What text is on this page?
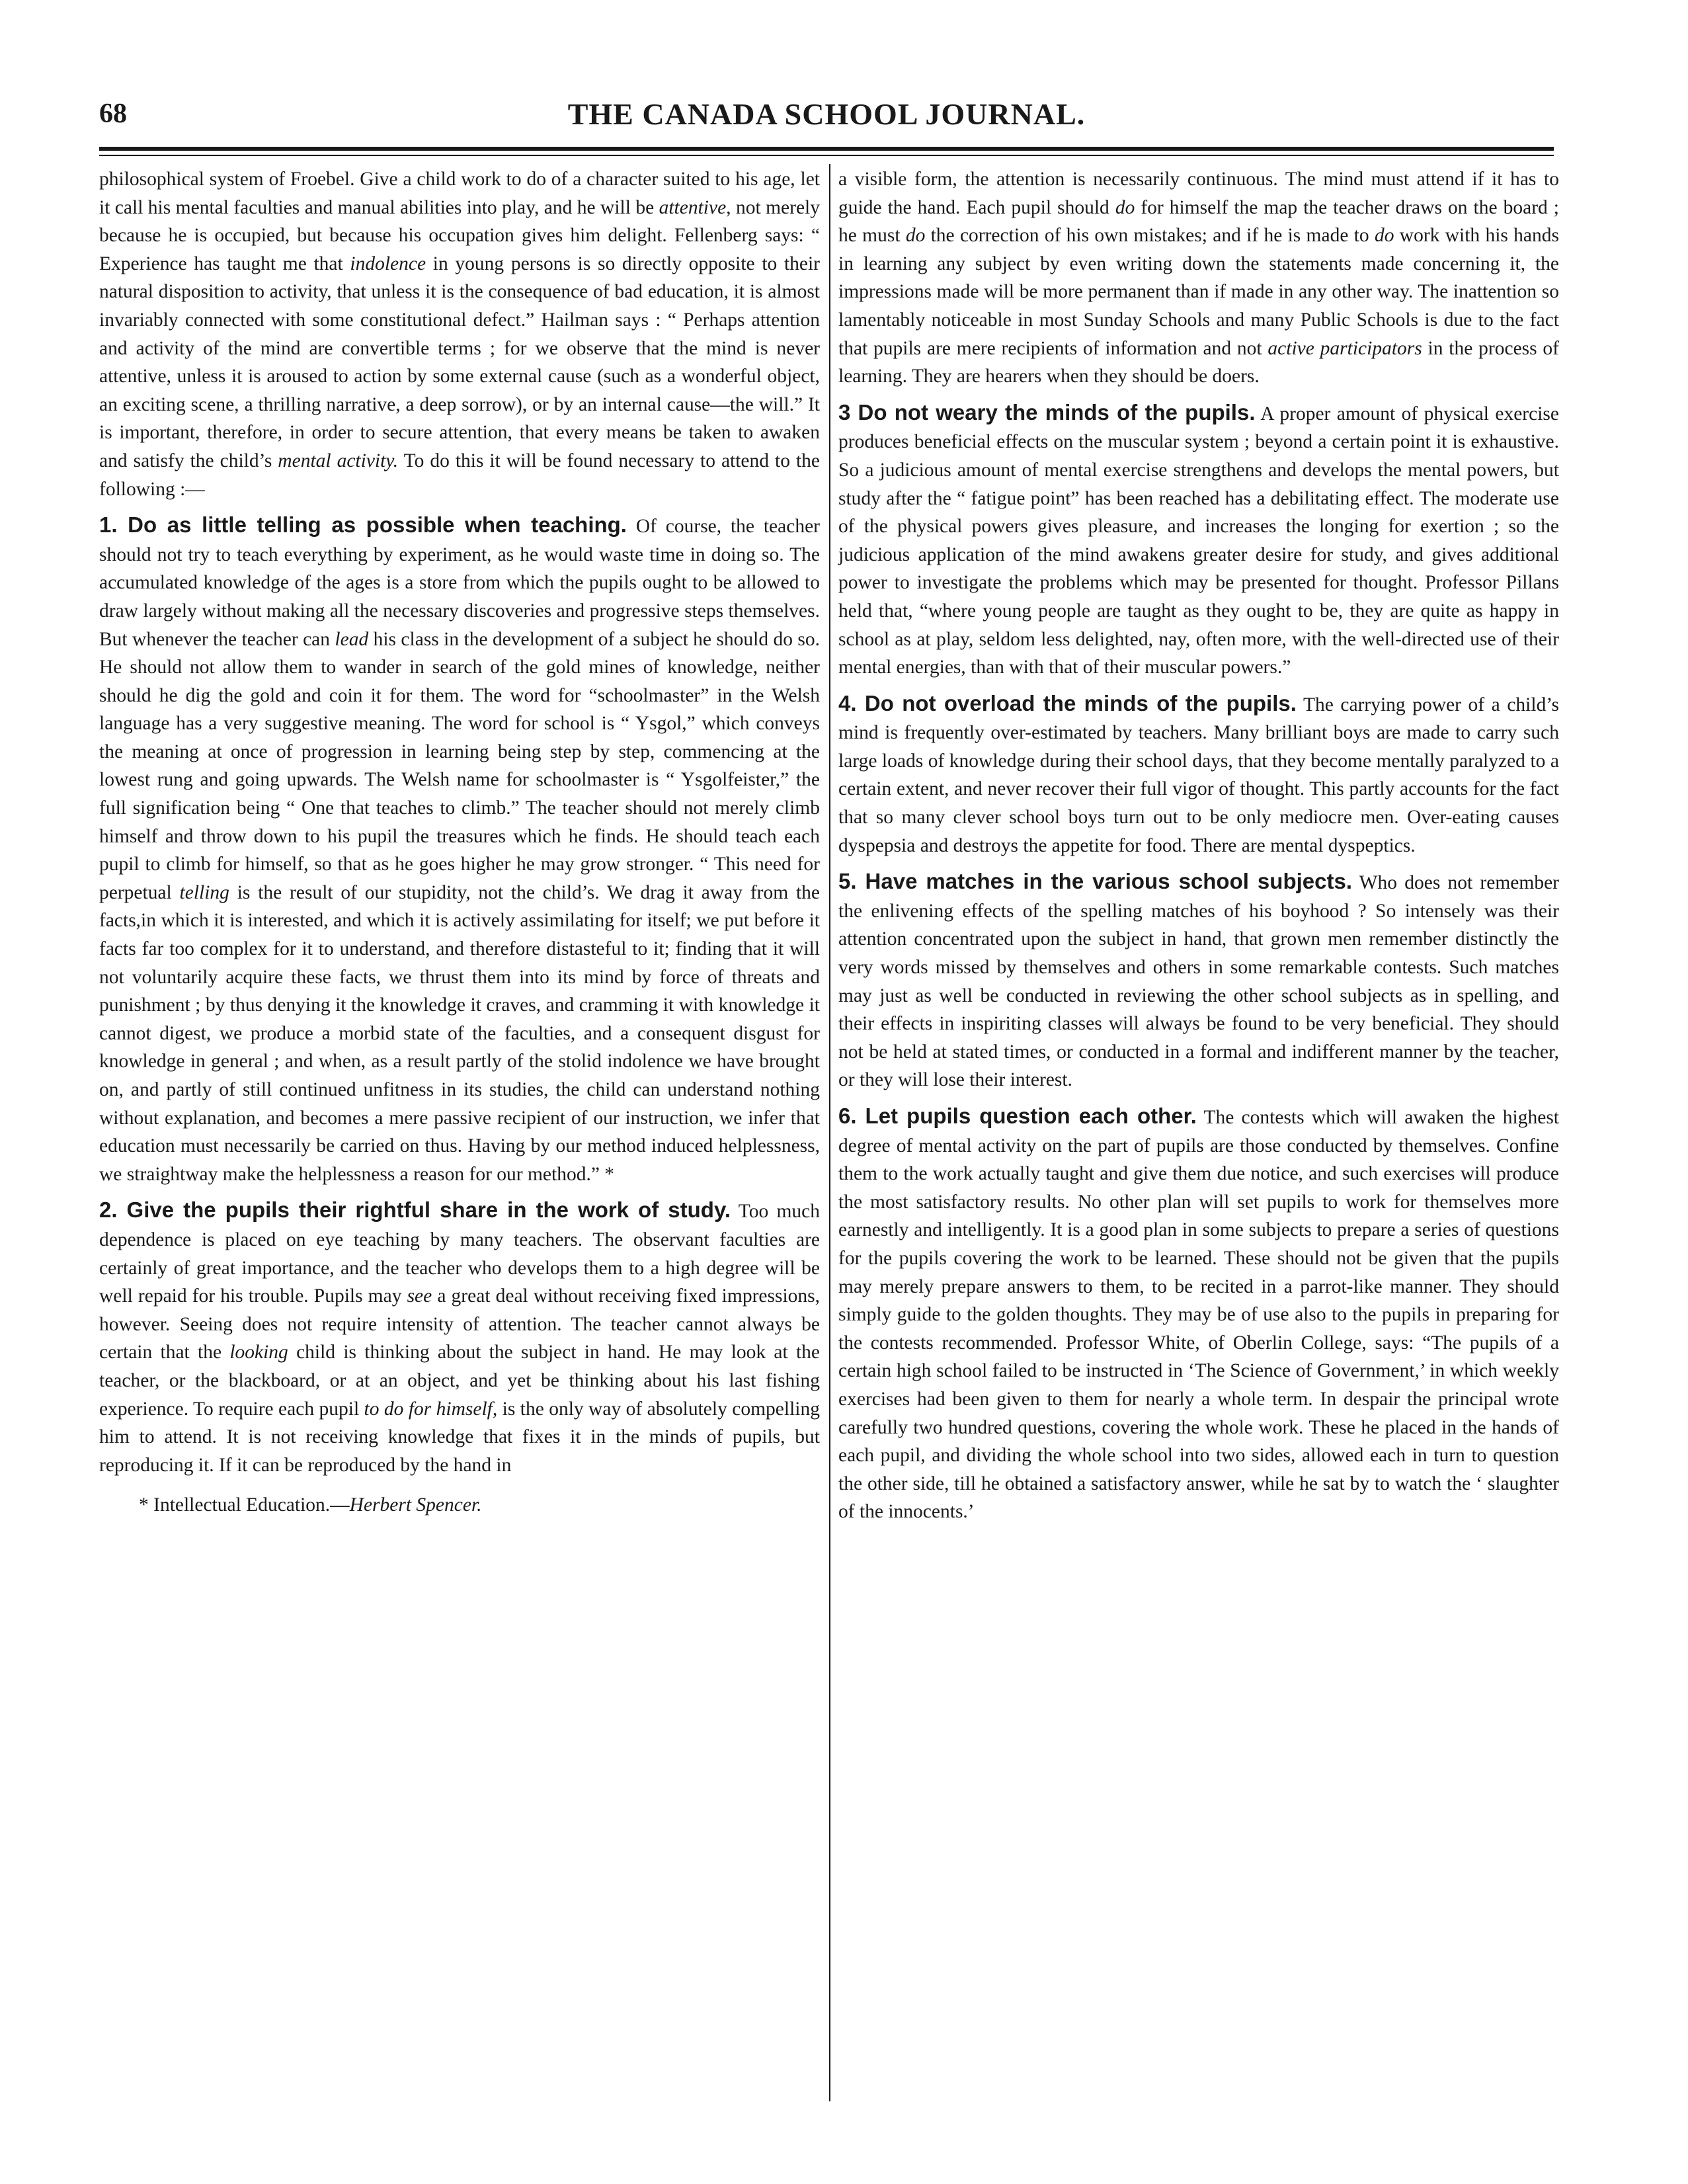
68	THE CANADA SCHOOL JOURNAL.

philosophical system of Froebel. Give a child work to do of a character suited to his age, let it call his mental faculties and manual abilities into play, and he will be attentive, not merely because he is occupied, but because his occupation gives him delight. Fellenberg says: “ Experience has taught me that indolence in young persons is so directly opposite to their natural disposition to activity, that unless it is the consequence of bad education, it is almost invariably connected with some constitutional defect.” Hailman says : “ Perhaps attention and activity of the mind are convertible terms ; for we observe that the mind is never attentive, unless it is aroused to action by some external cause (such as a wonderful object, an exciting scene, a thrilling narrative, a deep sorrow), or by an internal cause—the will.” It is important, therefore, in order to secure attention, that every means be taken to awaken and satisfy the child’s mental activity. To do this it will be found necessary to attend to the following :—

1. Do as little telling as possible when teaching. Of course, the teacher should not try to teach everything by experiment, as he would waste time in doing so. The accumulated knowledge of the ages is a store from which the pupils ought to be allowed to draw largely without making all the necessary discoveries and progressive steps themselves. But whenever the teacher can lead his class in the development of a subject he should do so. He should not allow them to wander in search of the gold mines of knowledge, neither should he dig the gold and coin it for them. The word for “schoolmaster” in the Welsh language has a very suggestive meaning. The word for school is “ Ysgol,” which conveys the meaning at once of progression in learning being step by step, commencing at the lowest rung and going upwards. The Welsh name for schoolmaster is “ Ysgolfeister,” the full signification being “ One that teaches to climb.” The teacher should not merely climb himself and throw down to his pupil the treasures which he finds. He should teach each pupil to climb for himself, so that as he goes higher he may grow stronger. “ This need for perpetual telling is the result of our stupidity, not the child’s. We drag it away from the facts,in which it is interested, and which it is actively assimilating for itself; we put before it facts far too complex for it to understand, and therefore distasteful to it; finding that it will not voluntarily acquire these facts, we thrust them into its mind by force of threats and punishment ; by thus denying it the knowledge it craves, and cramming it with knowledge it cannot digest, we produce a morbid state of the faculties, and a consequent disgust for knowledge in general ; and when, as a result partly of the stolid indolence we have brought on, and partly of still continued unfitness in its studies, the child can understand nothing without explanation, and becomes a mere passive recipient of our instruction, we infer that education must necessarily be carried on thus. Having by our method induced helplessness, we straightway make the helplessness a reason for our method.” *

2. Give the pupils their rightful share in the work of study. Too much dependence is placed on eye teaching by many teachers. The observant faculties are certainly of great importance, and the teacher who develops them to a high degree will be well repaid for his trouble. Pupils may see a great deal without receiving fixed impressions, however. Seeing does not require intensity of attention. The teacher cannot always be certain that the looking child is thinking about the subject in hand. He may look at the teacher, or the blackboard, or at an object, and yet be thinking about his last fishing experience. To require each pupil to do for himself, is the only way of absolutely compelling him to attend. It is not receiving knowledge that fixes it in the minds of pupils, but reproducing it. If it can be reproduced by the hand in

* Intellectual Education.—Herbert Spencer.

a visible form, the attention is necessarily continuous. The mind must attend if it has to guide the hand. Each pupil should do for himself the map the teacher draws on the board ; he must do the correction of his own mistakes; and if he is made to do work with his hands in learning any subject by even writing down the statements made concerning it, the impressions made will be more permanent than if made in any other way. The inattention so lamentably noticeable in most Sunday Schools and many Public Schools is due to the fact that pupils are mere recipients of information and not active participators in the process of learning. They are hearers when they should be doers.

3 Do not weary the minds of the pupils. A proper amount of physical exercise produces beneficial effects on the muscular system ; beyond a certain point it is exhaustive. So a judicious amount of mental exercise strengthens and develops the mental powers, but study after the “ fatigue point” has been reached has a debilitating effect. The moderate use of the physical powers gives pleasure, and increases the longing for exertion ; so the judicious application of the mind awakens greater desire for study, and gives additional power to investigate the problems which may be presented for thought. Professor Pillans held that, “where young people are taught as they ought to be, they are quite as happy in school as at play, seldom less delighted, nay, often more, with the well-directed use of their mental energies, than with that of their muscular powers.”

4. Do not overload the minds of the pupils. The carrying power of a child’s mind is frequently over-estimated by teachers. Many brilliant boys are made to carry such large loads of knowledge during their school days, that they become mentally paralyzed to a certain extent, and never recover their full vigor of thought. This partly accounts for the fact that so many clever school boys turn out to be only mediocre men. Over-eating causes dyspepsia and destroys the appetite for food. There are mental dyspeptics.

5. Have matches in the various school subjects. Who does not remember the enlivening effects of the spelling matches of his boyhood ? So intensely was their attention concentrated upon the subject in hand, that grown men remember distinctly the very words missed by themselves and others in some remarkable contests. Such matches may just as well be conducted in reviewing the other school subjects as in spelling, and their effects in inspiriting classes will always be found to be very beneficial. They should not be held at stated times, or conducted in a formal and indifferent manner by the teacher, or they will lose their interest.

6. Let pupils question each other. The contests which will awaken the highest degree of mental activity on the part of pupils are those conducted by themselves. Confine them to the work actually taught and give them due notice, and such exercises will produce the most satisfactory results. No other plan will set pupils to work for themselves more earnestly and intelligently. It is a good plan in some subjects to prepare a series of questions for the pupils covering the work to be learned. These should not be given that the pupils may merely prepare answers to them, to be recited in a parrot-like manner. They should simply guide to the golden thoughts. They may be of use also to the pupils in preparing for the contests recommended. Professor White, of Oberlin College, says: “The pupils of a certain high school failed to be instructed in ‘The Science of Government,’ in which weekly exercises had been given to them for nearly a whole term. In despair the principal wrote carefully two hundred questions, covering the whole work. These he placed in the hands of each pupil, and dividing the whole school into two sides, allowed each in turn to question the other side, till he obtained a satisfactory answer, while he sat by to watch the ‘ slaughter of the innocents.’
